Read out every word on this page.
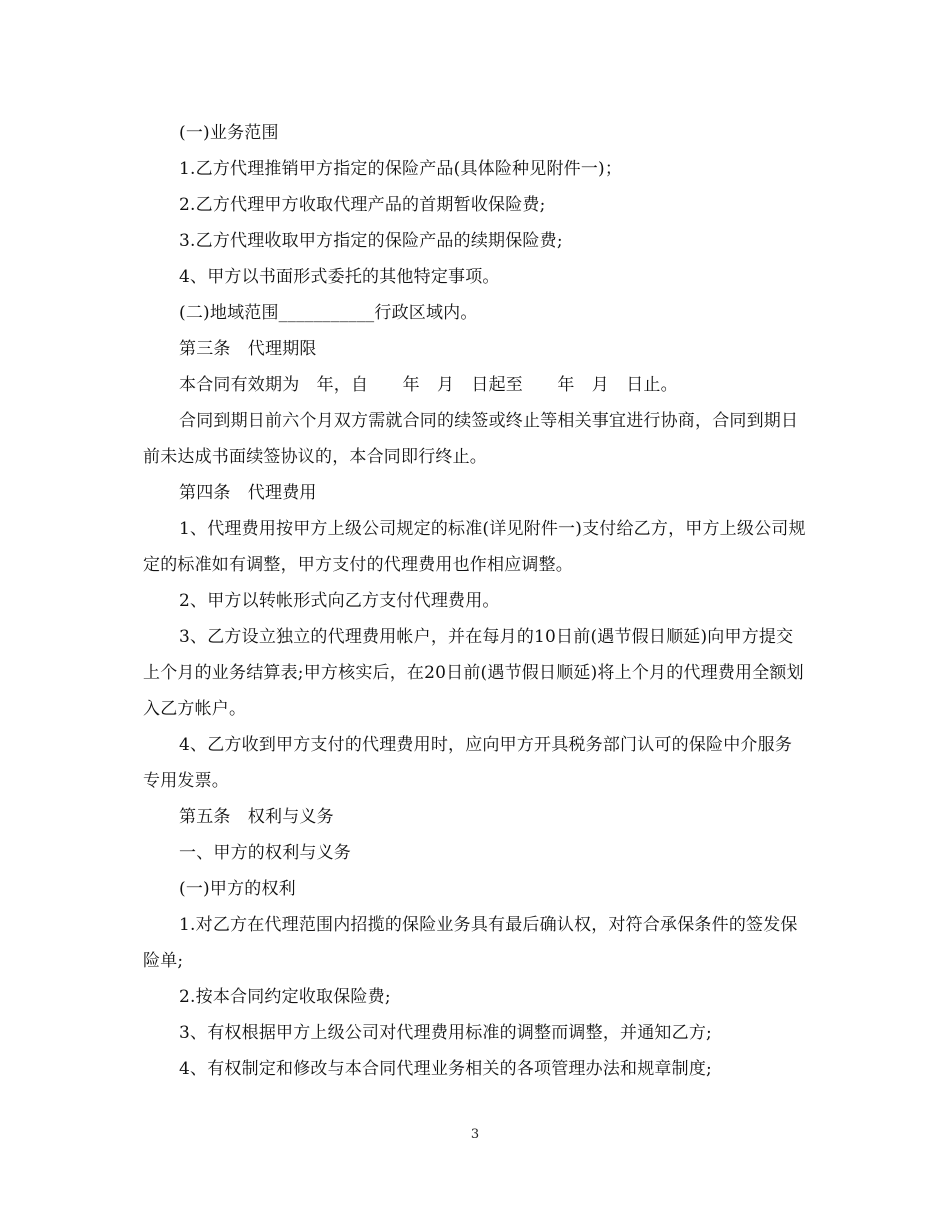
(一)业务范围

1.乙方代理推销甲方指定的保险产品(具体险种见附件一)；

2.乙方代理甲方收取代理产品的首期暂收保险费;

3.乙方代理收取甲方指定的保险产品的续期保险费;

4、甲方以书面形式委托的其他特定事项。

(二)地域范围___________行政区域内。

第三条　代理期限

本合同有效期为　年，自　　年　月　日起至　　年　月　日止。

合同到期日前六个月双方需就合同的续签或终止等相关事宜进行协商，合同到期日前未达成书面续签协议的，本合同即行终止。

第四条　代理费用

1、代理费用按甲方上级公司规定的标准(详见附件一)支付给乙方，甲方上级公司规定的标准如有调整，甲方支付的代理费用也作相应调整。

2、甲方以转帐形式向乙方支付代理费用。

3、乙方设立独立的代理费用帐户，并在每月的10日前(遇节假日顺延)向甲方提交上个月的业务结算表;甲方核实后，在20日前(遇节假日顺延)将上个月的代理费用全额划入乙方帐户。

4、乙方收到甲方支付的代理费用时，应向甲方开具税务部门认可的保险中介服务专用发票。

第五条　权利与义务

一、甲方的权利与义务

(一)甲方的权利

1.对乙方在代理范围内招揽的保险业务具有最后确认权，对符合承保条件的签发保险单;

2.按本合同约定收取保险费;

3、有权根据甲方上级公司对代理费用标准的调整而调整，并通知乙方;

4、有权制定和修改与本合同代理业务相关的各项管理办法和规章制度;

3
